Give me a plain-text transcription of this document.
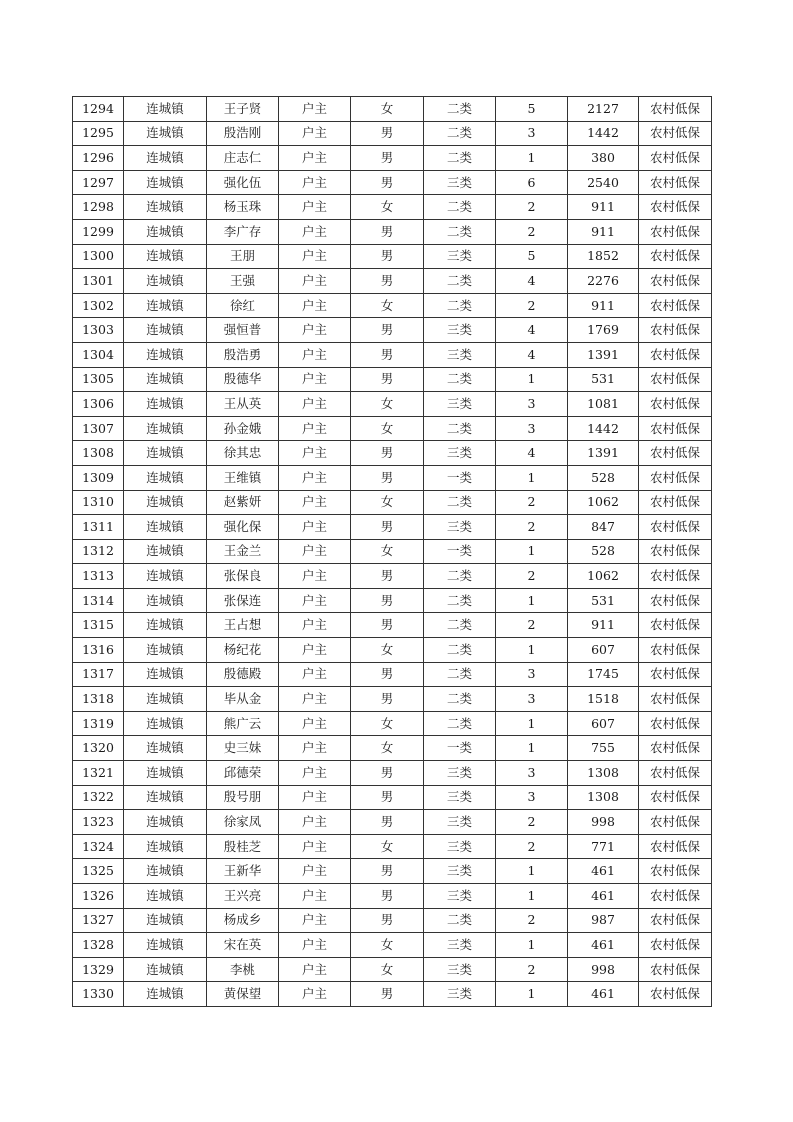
1294	连城镇	王子贤	户主	女	二类	5	2127	农村低保
1295	连城镇	殷浩刚	户主	男	二类	3	1442	农村低保
1296	连城镇	庄志仁	户主	男	二类	1	380	农村低保
1297	连城镇	强化伍	户主	男	三类	6	2540	农村低保
1298	连城镇	杨玉珠	户主	女	二类	2	911	农村低保
1299	连城镇	李广存	户主	男	二类	2	911	农村低保
1300	连城镇	王朋	户主	男	三类	5	1852	农村低保
1301	连城镇	王强	户主	男	二类	4	2276	农村低保
1302	连城镇	徐红	户主	女	二类	2	911	农村低保
1303	连城镇	强恒普	户主	男	三类	4	1769	农村低保
1304	连城镇	殷浩勇	户主	男	三类	4	1391	农村低保
1305	连城镇	殷德华	户主	男	二类	1	531	农村低保
1306	连城镇	王从英	户主	女	三类	3	1081	农村低保
1307	连城镇	孙金娥	户主	女	二类	3	1442	农村低保
1308	连城镇	徐其忠	户主	男	三类	4	1391	农村低保
1309	连城镇	王维镇	户主	男	一类	1	528	农村低保
1310	连城镇	赵紫妍	户主	女	二类	2	1062	农村低保
1311	连城镇	强化保	户主	男	三类	2	847	农村低保
1312	连城镇	王金兰	户主	女	一类	1	528	农村低保
1313	连城镇	张保良	户主	男	二类	2	1062	农村低保
1314	连城镇	张保连	户主	男	二类	1	531	农村低保
1315	连城镇	王占想	户主	男	二类	2	911	农村低保
1316	连城镇	杨纪花	户主	女	二类	1	607	农村低保
1317	连城镇	殷德殿	户主	男	二类	3	1745	农村低保
1318	连城镇	毕从金	户主	男	二类	3	1518	农村低保
1319	连城镇	熊广云	户主	女	二类	1	607	农村低保
1320	连城镇	史三妹	户主	女	一类	1	755	农村低保
1321	连城镇	邱德荣	户主	男	三类	3	1308	农村低保
1322	连城镇	殷号朋	户主	男	三类	3	1308	农村低保
1323	连城镇	徐家凤	户主	男	三类	2	998	农村低保
1324	连城镇	殷桂芝	户主	女	三类	2	771	农村低保
1325	连城镇	王新华	户主	男	三类	1	461	农村低保
1326	连城镇	王兴亮	户主	男	三类	1	461	农村低保
1327	连城镇	杨成乡	户主	男	二类	2	987	农村低保
1328	连城镇	宋在英	户主	女	三类	1	461	农村低保
1329	连城镇	李桃	户主	女	三类	2	998	农村低保
1330	连城镇	黄保望	户主	男	三类	1	461	农村低保
